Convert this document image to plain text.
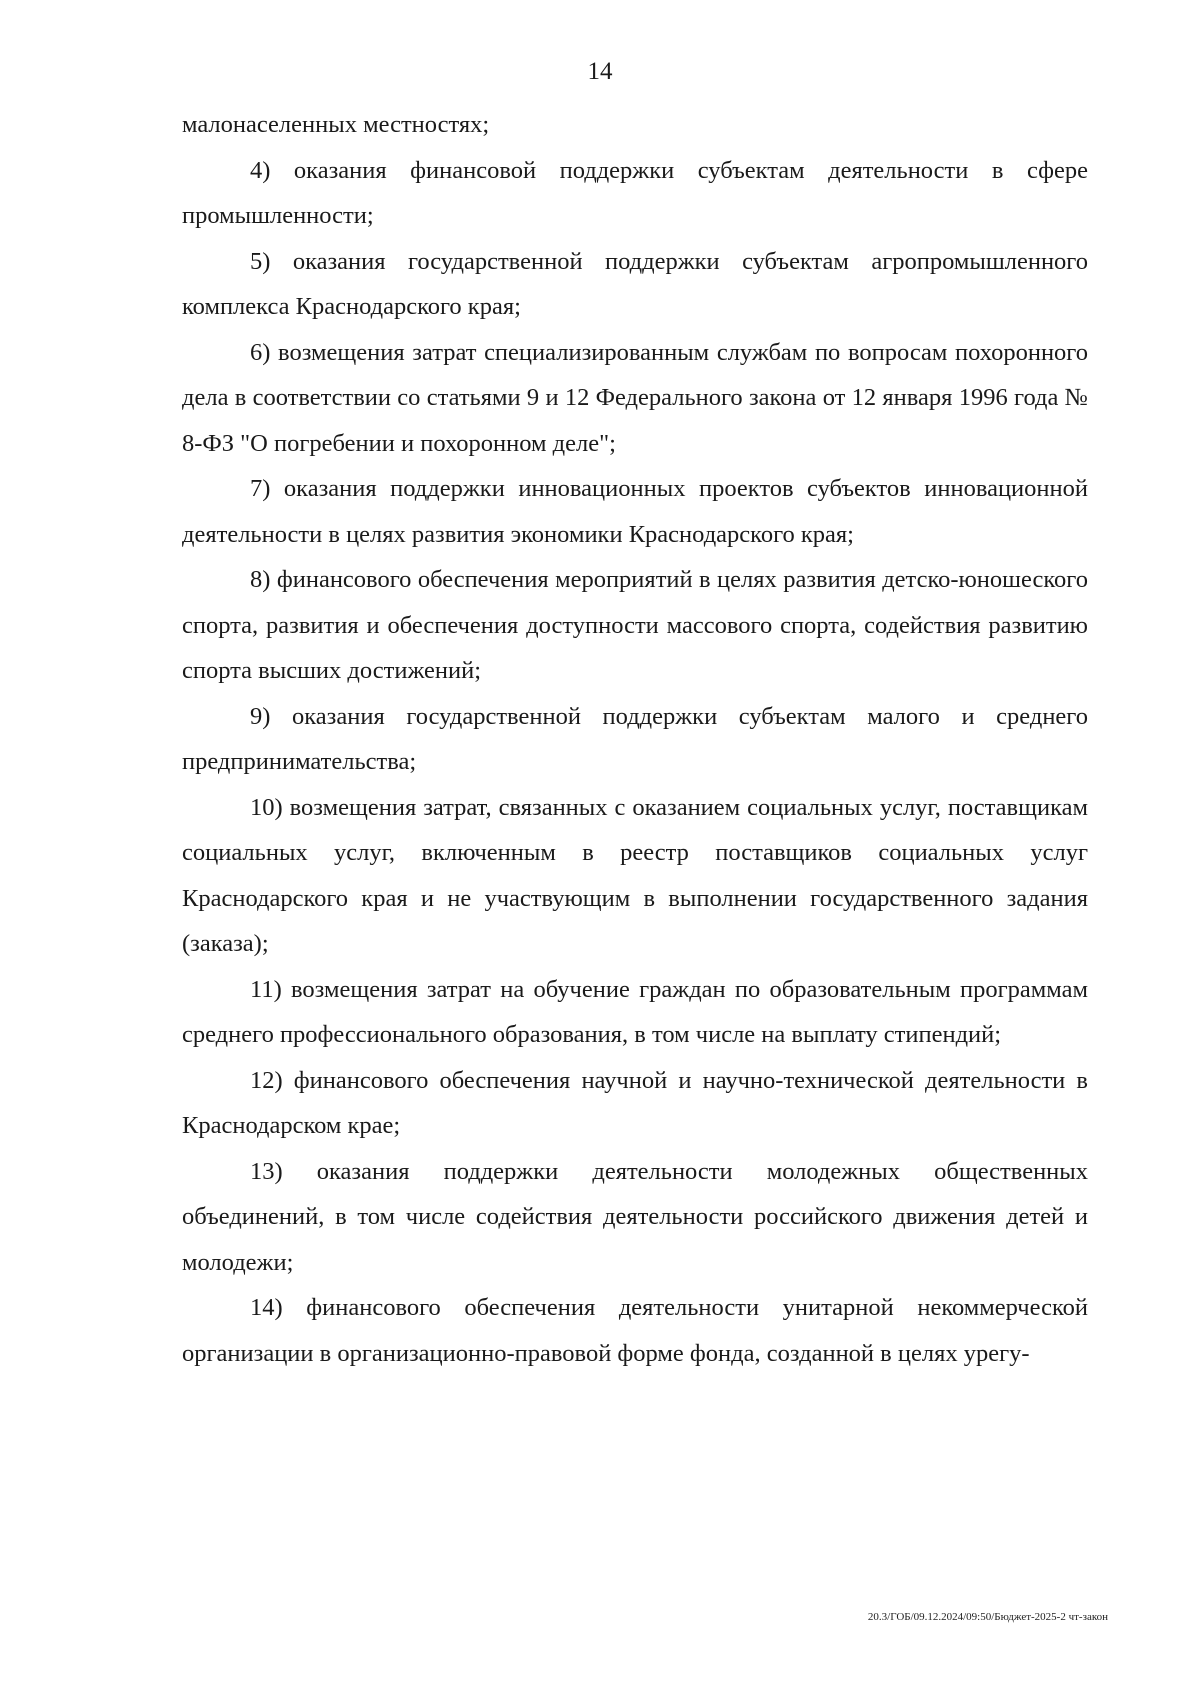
14

малонаселенных местностях;

4) оказания финансовой поддержки субъектам деятельности в сфере промышленности;

5) оказания государственной поддержки субъектам агропромышленного комплекса Краснодарского края;

6) возмещения затрат специализированным службам по вопросам похоронного дела в соответствии со статьями 9 и 12 Федерального закона от 12 января 1996 года № 8-ФЗ "О погребении и похоронном деле";

7) оказания поддержки инновационных проектов субъектов инновационной деятельности в целях развития экономики Краснодарского края;

8) финансового обеспечения мероприятий в целях развития детско-юношеского спорта, развития и обеспечения доступности массового спорта, содействия развитию спорта высших достижений;

9) оказания государственной поддержки субъектам малого и среднего предпринимательства;

10) возмещения затрат, связанных с оказанием социальных услуг, поставщикам социальных услуг, включенным в реестр поставщиков социальных услуг Краснодарского края и не участвующим в выполнении государственного задания (заказа);

11) возмещения затрат на обучение граждан по образовательным программам среднего профессионального образования, в том числе на выплату стипендий;

12) финансового обеспечения научной и научно-технической деятельности в Краснодарском крае;

13) оказания поддержки деятельности молодежных общественных объединений, в том числе содействия деятельности российского движения детей и молодежи;

14) финансового обеспечения деятельности унитарной некоммерческой организации в организационно-правовой форме фонда, созданной в целях урегу-

20.3/ГОБ/09.12.2024/09:50/Бюджет-2025-2 чт-закон
